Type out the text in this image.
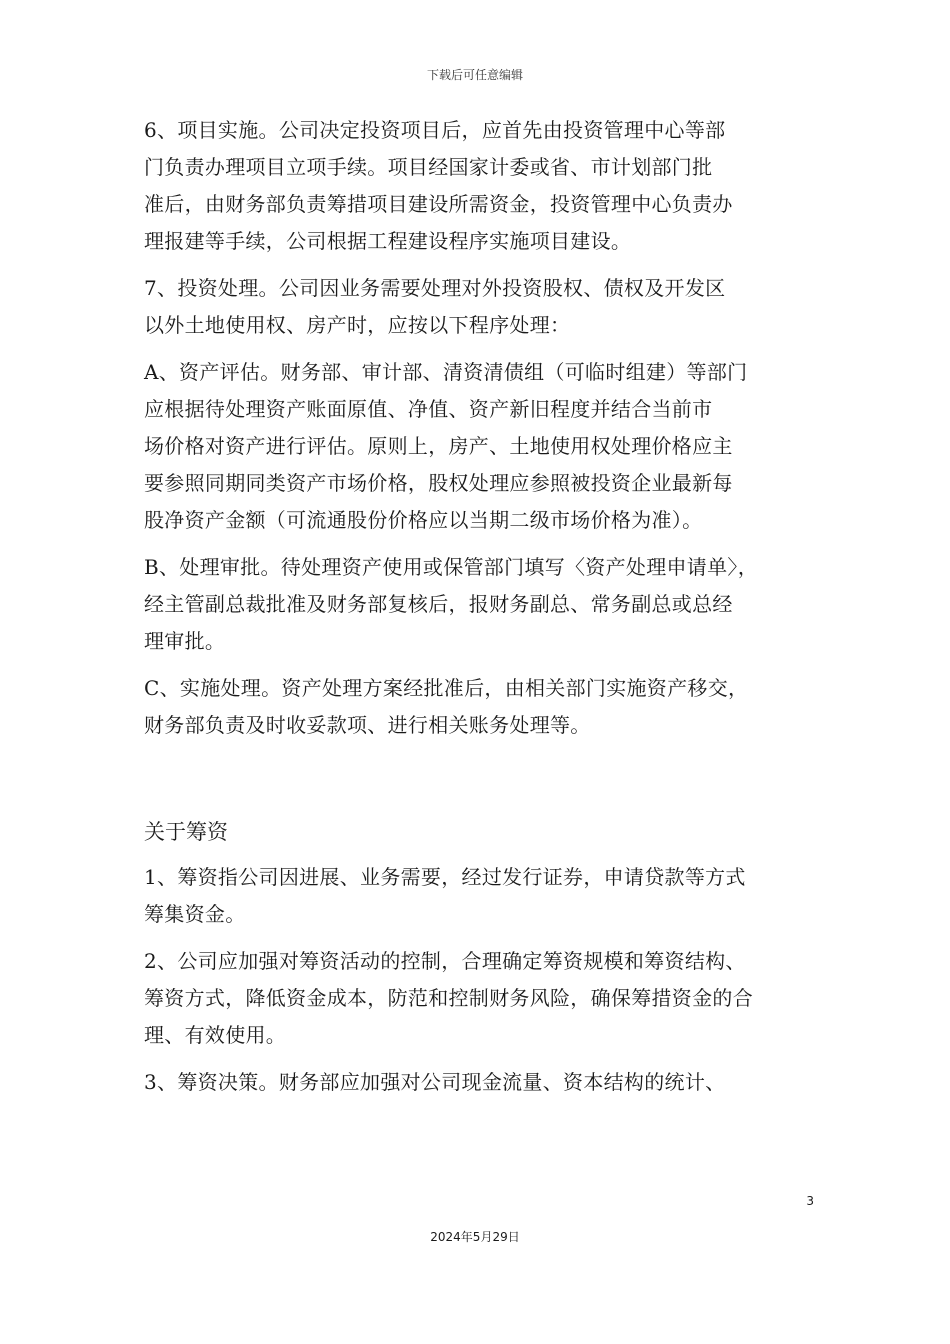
下载后可任意编辑
6、项目实施。公司决定投资项目后，应首先由投资管理中心等部
门负责办理项目立项手续。项目经国家计委或省、市计划部门批
准后，由财务部负责筹措项目建设所需资金，投资管理中心负责办
理报建等手续，公司根据工程建设程序实施项目建设。
7、投资处理。公司因业务需要处理对外投资股权、债权及开发区
以外土地使用权、房产时，应按以下程序处理：
A、资产评估。财务部、审计部、清资清债组（可临时组建）等部门
应根据待处理资产账面原值、净值、资产新旧程度并结合当前市
场价格对资产进行评估。原则上，房产、土地使用权处理价格应主
要参照同期同类资产市场价格，股权处理应参照被投资企业最新每
股净资产金额（可流通股份价格应以当期二级市场价格为准）。
B、处理审批。待处理资产使用或保管部门填写〈资产处理申请单〉，
经主管副总裁批准及财务部复核后，报财务副总、常务副总或总经
理审批。
C、实施处理。资产处理方案经批准后，由相关部门实施资产移交，
财务部负责及时收妥款项、进行相关账务处理等。
关于筹资
1、筹资指公司因进展、业务需要，经过发行证券，申请贷款等方式
筹集资金。
2、公司应加强对筹资活动的控制，合理确定筹资规模和筹资结构、
筹资方式，降低资金成本，防范和控制财务风险，确保筹措资金的合
理、有效使用。
3、筹资决策。财务部应加强对公司现金流量、资本结构的统计、
3
2024年5月29日
